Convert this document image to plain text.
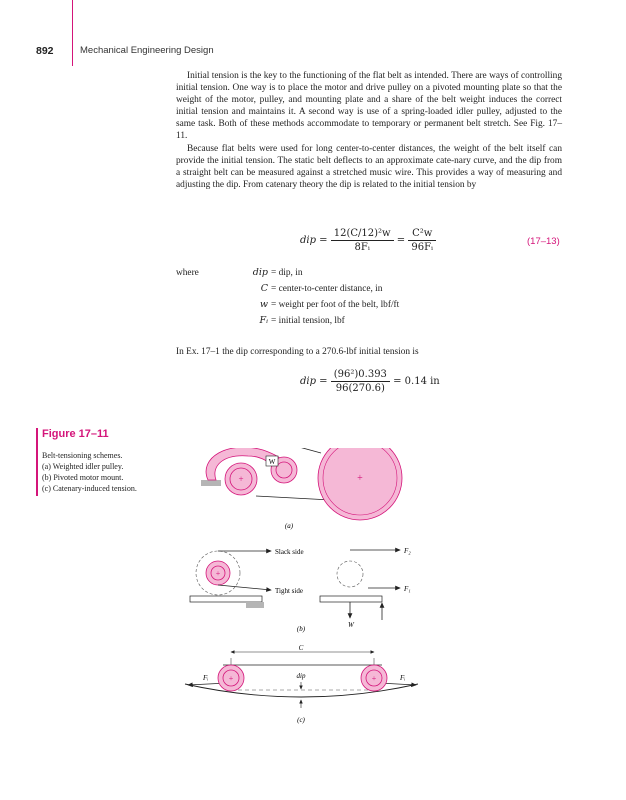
892	Mechanical Engineering Design

Initial tension is the key to the functioning of the flat belt as intended. There are ways of controlling initial tension. One way is to place the motor and drive pulley on a pivoted mounting plate so that the weight of the motor, pulley, and mounting plate and a share of the belt weight induces the correct initial tension and maintains it. A second way is use of a spring-loaded idler pulley, adjusted to the same task. Both of these methods accommodate to temporary or permanent belt stretch. See Fig. 17–11.

Because flat belts were used for long center-to-center distances, the weight of the belt itself can provide the initial tension. The static belt deflects to an approximate cate-nary curve, and the dip from a straight belt can be measured against a stretched music wire. This provides a way of measuring and adjusting the dip. From catenary theory the dip is related to the initial tension by

dip = $\frac{\text{12(C/12)²w}}{\text{8Fᵢ}} = \frac{\text{C²w}}{\text{96Fᵢ}}$	(17–13)
where	dip = dip, in
C = center-to-center distance, in
w = weight per foot of the belt, lbf/ft
Fᵢ = initial tension, lbf
In Ex. 17–1 the dip corresponding to a 270.6-lbf initial tension is
dip = $\frac{\text{(96²)0.393}}{96(270.6)} = 0.14$ in
Figure 17–11
Belt-tensioning schemes.
(a) Weighted idler pulley.
(b) Pivoted motor mount.
(c) Catenary-induced tension.
+
W
+
(a)
+
Slack side
Tight side
(b)
F₂
F₁
W
C
Fᵢ	Fᵢ
+	+
dip
(c)
